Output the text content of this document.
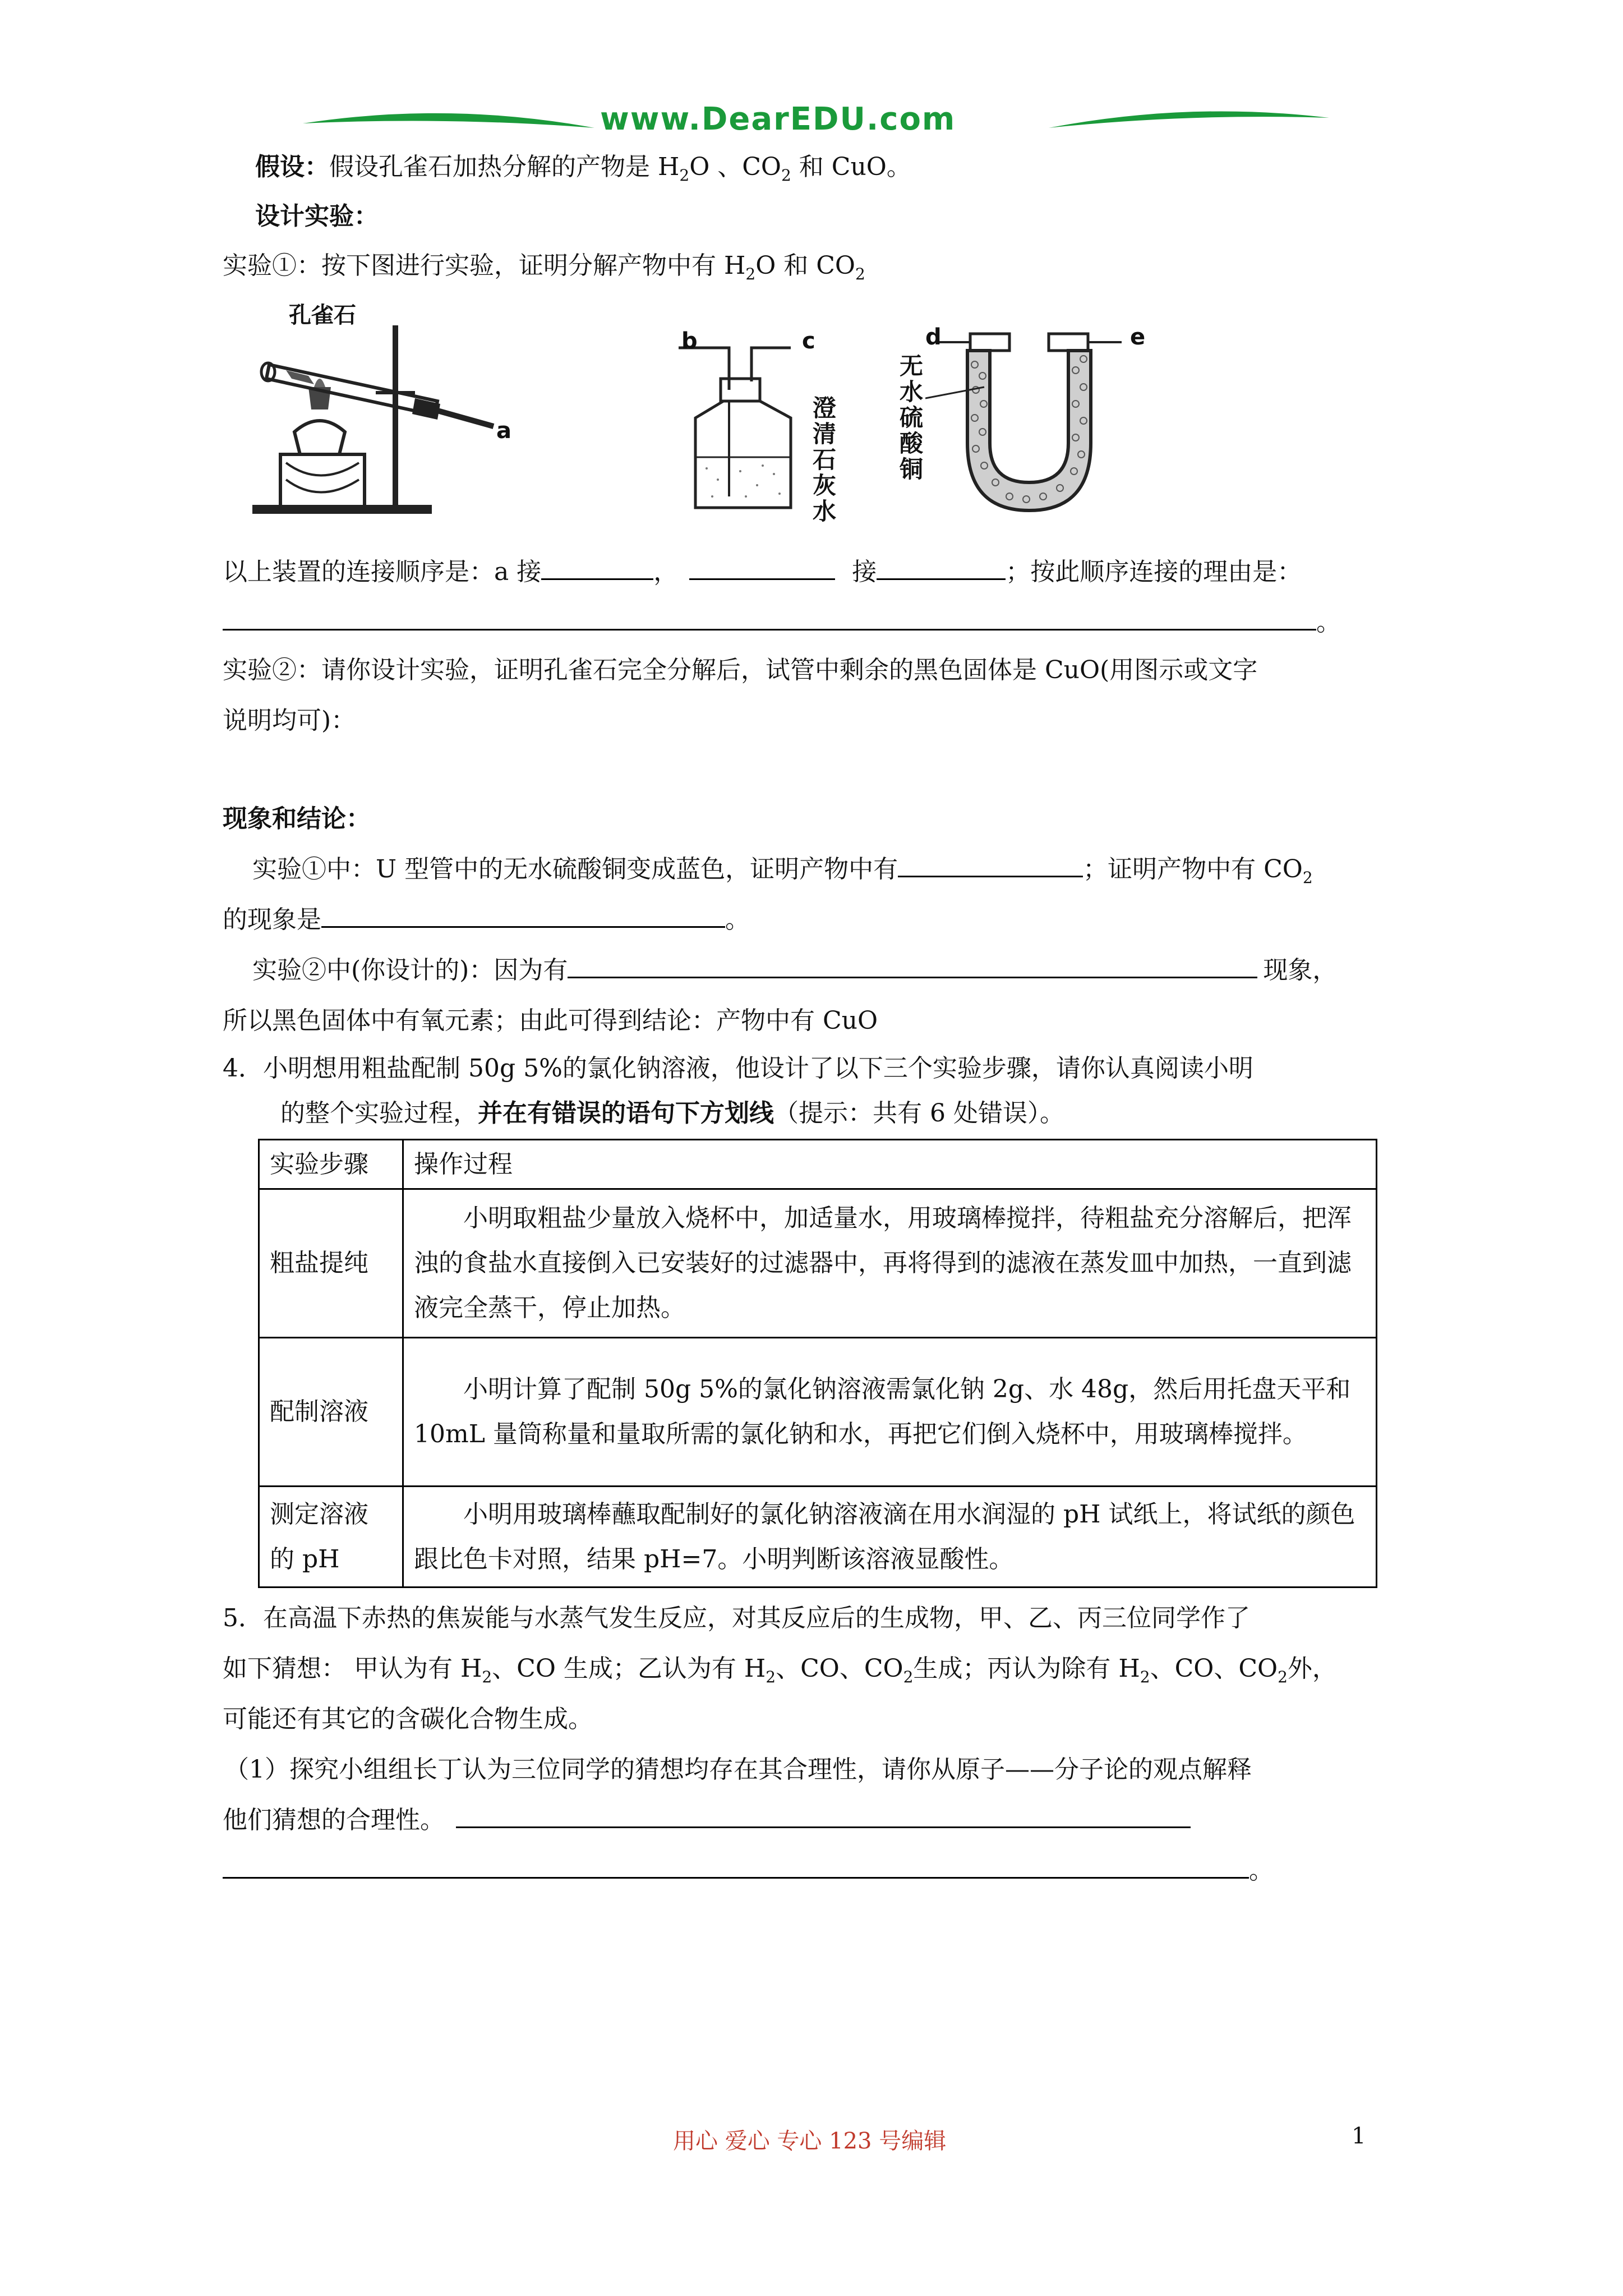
www.DearEDU.com
假设：假设孔雀石加热分解的产物是 $H_2O$ 、$CO_2$ 和 CuO。
设计实验：
实验①：按下图进行实验，证明分解产物中有 $H_2O$ 和 $CO_2$
孔雀石
a
b	c
澄清石灰水
d	e
无水硫酸铜
以上装置的连接顺序是：a 接	，	接	；按此顺序连接的理由是：
。
实验②：请你设计实验，证明孔雀石完全分解后，试管中剩余的黑色固体是 CuO(用图示或文字
说明均可)：
现象和结论：
实验①中：U 型管中的无水硫酸铜变成蓝色，证明产物中有	；证明产物中有 $CO_2$
的现象是	。
实验②中(你设计的)：因为有	现象，
所以黑色固体中有氧元素；由此可得到结论：产物中有 CuO
4．小明想用粗盐配制 50g 5%的氯化钠溶液，他设计了以下三个实验步骤，请你认真阅读小明
的整个实验过程，并在有错误的语句下方划线（提示：共有 6 处错误）。
实验步骤	操作过程
粗盐提纯	小明取粗盐少量放入烧杯中，加适量水，用玻璃棒搅拌，待粗盐充分溶解后，把浑浊的食盐水直接倒入已安装好的过滤器中，再将得到的滤液在蒸发皿中加热，一直到滤液完全蒸干，停止加热。
配制溶液	小明计算了配制 50g 5%的氯化钠溶液需氯化钠 2g、水 48g，然后用托盘天平和 10mL 量筒称量和量取所需的氯化钠和水，再把它们倒入烧杯中，用玻璃棒搅拌。
测定溶液的 pH	小明用玻璃棒蘸取配制好的氯化钠溶液滴在用水润湿的 pH 试纸上，将试纸的颜色跟比色卡对照，结果 pH=7。小明判断该溶液显酸性。
5．在高温下赤热的焦炭能与水蒸气发生反应，对其反应后的生成物，甲、乙、丙三位同学作了
如下猜想： 甲认为有 $H_2$、CO 生成；乙认为有 $H_2$、CO、$CO_2$生成；丙认为除有 $H_2$、CO、$CO_2$外，
可能还有其它的含碳化合物生成。
（1）探究小组组长丁认为三位同学的猜想均存在其合理性，请你从原子——分子论的观点解释
他们猜想的合理性。
。
用心 爱心 专心 123 号编辑	1
